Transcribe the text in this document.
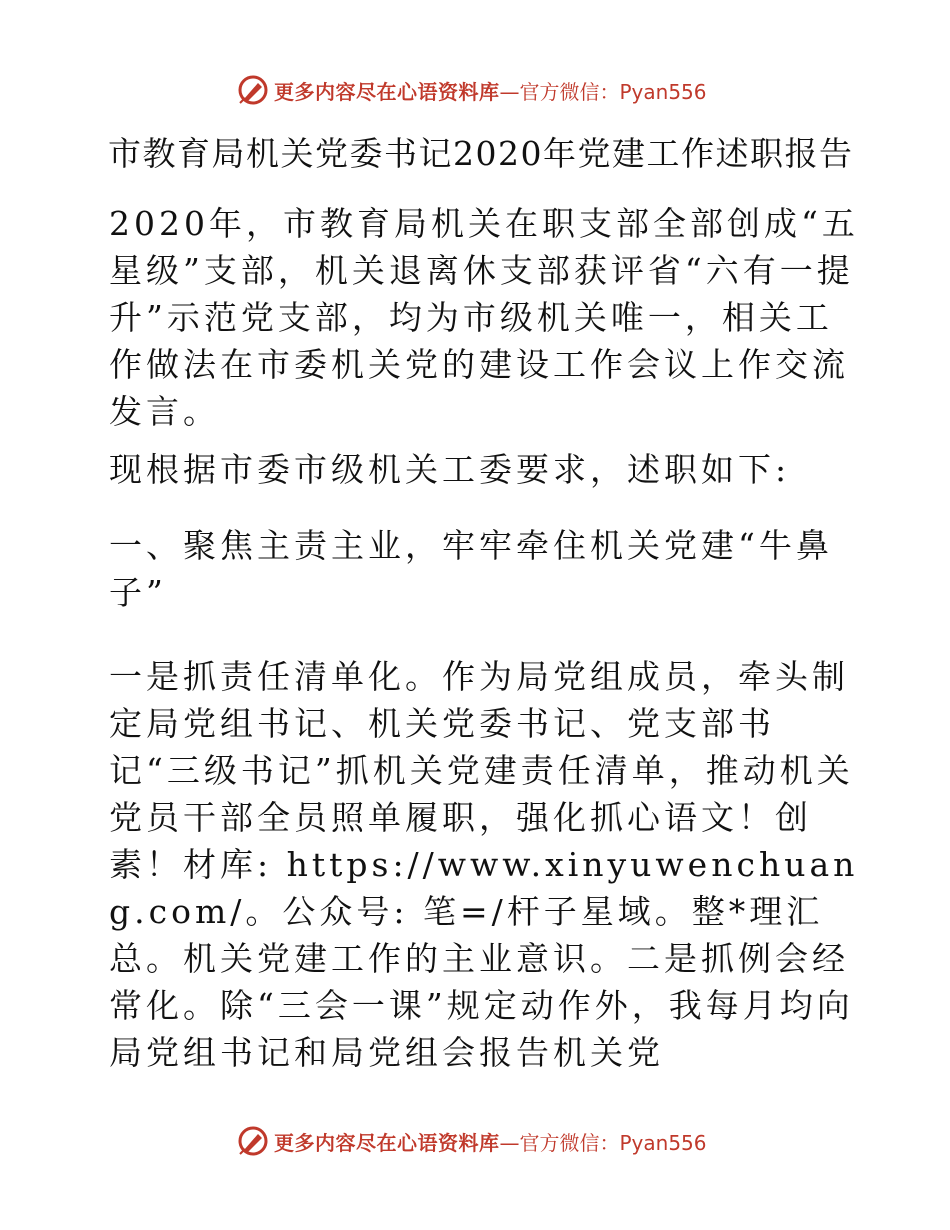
更多内容尽在心语资料库 —官方微信：Pyan556
市教育局机关党委书记2020年党建工作述职报告
2020年，市教育局机关在职支部全部创成“五星级”支部，机关退离休支部获评省“六有一提升”示范党支部，均为市级机关唯一，相关工作做法在市委机关党的建设工作会议上作交流发言。
现根据市委市级机关工委要求，述职如下:
一、聚焦主责主业，牢牢牵住机关党建“牛鼻子”
一是抓责任清单化。作为局党组成员，牵头制定局党组书记、机关党委书记、党支部书记“三级书记”抓机关党建责任清单，推动机关党员干部全员照单履职，强化抓心语文！创素！材库: https://www.xinyuwenchuang.com/。公众号: 笔=/杆子星域。整*理汇总。机关党建工作的主业意识。二是抓例会经常化。除“三会一课”规定动作外，我每月均向局党组书记和局党组会报告机关党
更多内容尽在心语资料库 —官方微信：Pyan556
